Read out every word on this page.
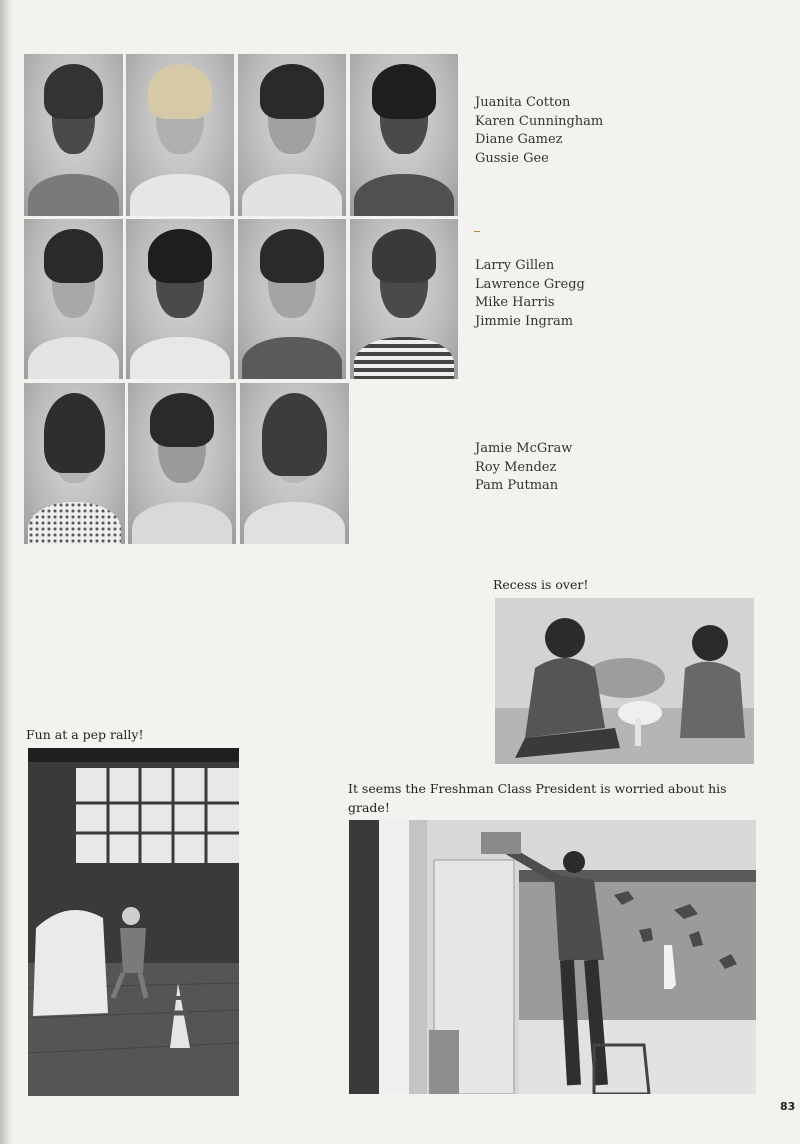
Juanita Cotton
Karen Cunningham
Diane Gamez
Gussie Gee
Larry Gillen
Lawrence Gregg
Mike Harris
Jimmie Ingram
Jamie McGraw
Roy Mendez
Pam Putman
Recess is over!
Fun at a pep rally!
It seems the Freshman Class President is worried about his
grade!
83
